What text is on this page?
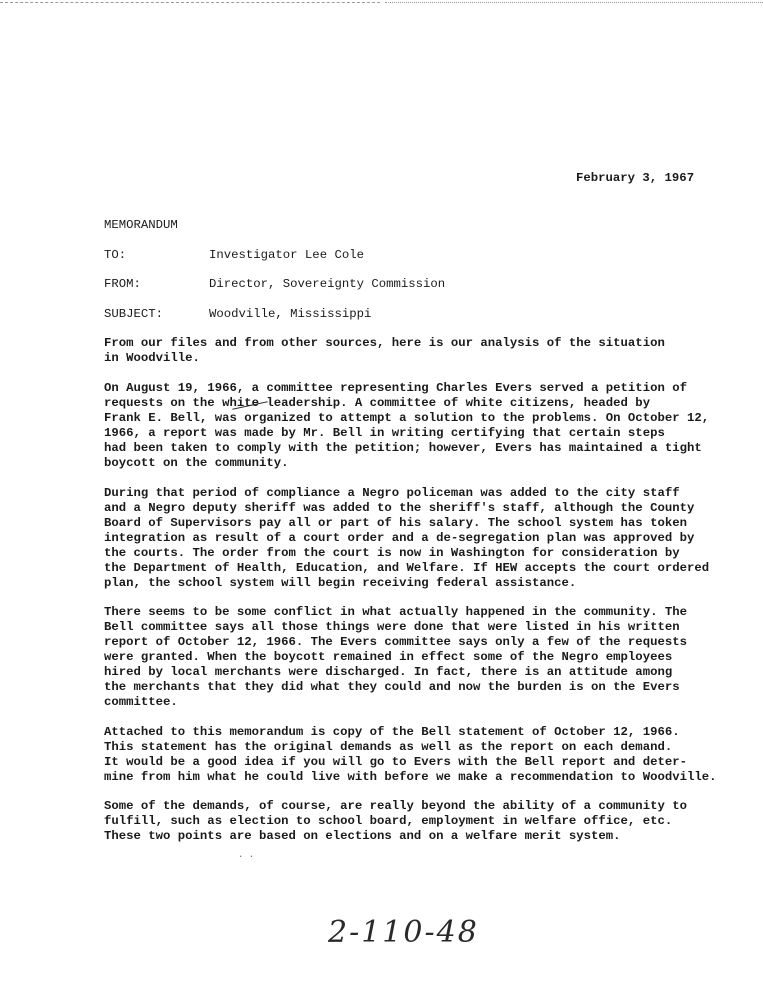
February 3, 1967
MEMORANDUM
TO:	Investigator Lee Cole
FROM:	Director, Sovereignty Commission
SUBJECT:	Woodville, Mississippi
From our files and from other sources, here is our analysis of the situation
in Woodville.
On August 19, 1966, a committee representing Charles Evers served a petition of
requests on the white leadership. A committee of white citizens, headed by
Frank E. Bell, was organized to attempt a solution to the problems. On October 12,
1966, a report was made by Mr. Bell in writing certifying that certain steps
had been taken to comply with the petition; however, Evers has maintained a tight
boycott on the community.
During that period of compliance a Negro policeman was added to the city staff
and a Negro deputy sheriff was added to the sheriff's staff, although the County
Board of Supervisors pay all or part of his salary. The school system has token
integration as result of a court order and a de-segregation plan was approved by
the courts. The order from the court is now in Washington for consideration by
the Department of Health, Education, and Welfare. If HEW accepts the court ordered
plan, the school system will begin receiving federal assistance.
There seems to be some conflict in what actually happened in the community. The
Bell committee says all those things were done that were listed in his written
report of October 12, 1966. The Evers committee says only a few of the requests
were granted. When the boycott remained in effect some of the Negro employees
hired by local merchants were discharged. In fact, there is an attitude among
the merchants that they did what they could and now the burden is on the Evers
committee.
Attached to this memorandum is copy of the Bell statement of October 12, 1966.
This statement has the original demands as well as the report on each demand.
It would be a good idea if you will go to Evers with the Bell report and deter-
mine from him what he could live with before we make a recommendation to Woodville.
Some of the demands, of course, are really beyond the ability of a community to
fulfill, such as election to school board, employment in welfare office, etc.
These two points are based on elections and on a welfare merit system.
· ·
2-110-48
